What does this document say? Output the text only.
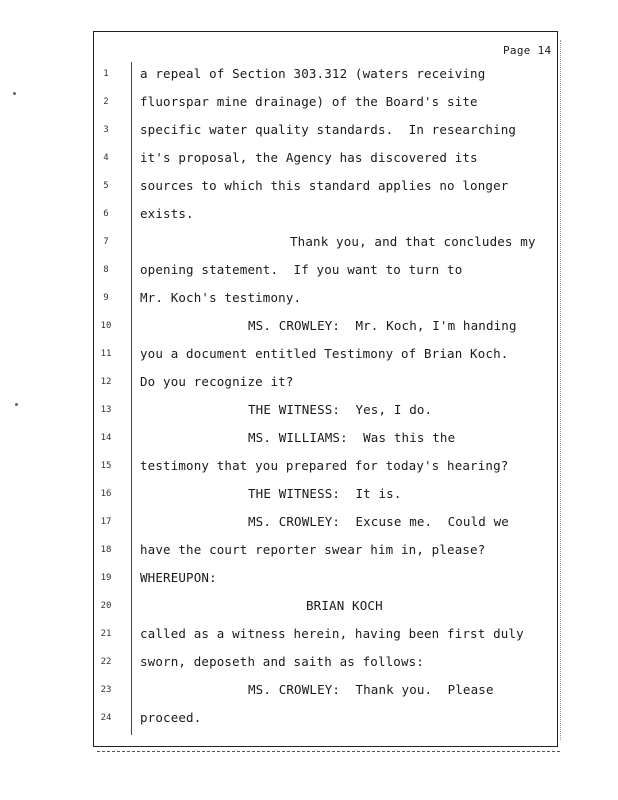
Page 14
1	a repeal of Section 303.312 (waters receiving
2	fluorspar mine drainage) of the Board's site
3	specific water quality standards.  In researching
4	it's proposal, the Agency has discovered its
5	sources to which this standard applies no longer
6	exists.
7	Thank you, and that concludes my
8	opening statement.  If you want to turn to
9	Mr. Koch's testimony.
10	MS. CROWLEY:  Mr. Koch, I'm handing
11	you a document entitled Testimony of Brian Koch.
12	Do you recognize it?
13	THE WITNESS:  Yes, I do.
14	MS. WILLIAMS:  Was this the
15	testimony that you prepared for today's hearing?
16	THE WITNESS:  It is.
17	MS. CROWLEY:  Excuse me.  Could we
18	have the court reporter swear him in, please?
19	WHEREUPON:
20	BRIAN KOCH
21	called as a witness herein, having been first duly
22	sworn, deposeth and saith as follows:
23	MS. CROWLEY:  Thank you.  Please
24	proceed.
